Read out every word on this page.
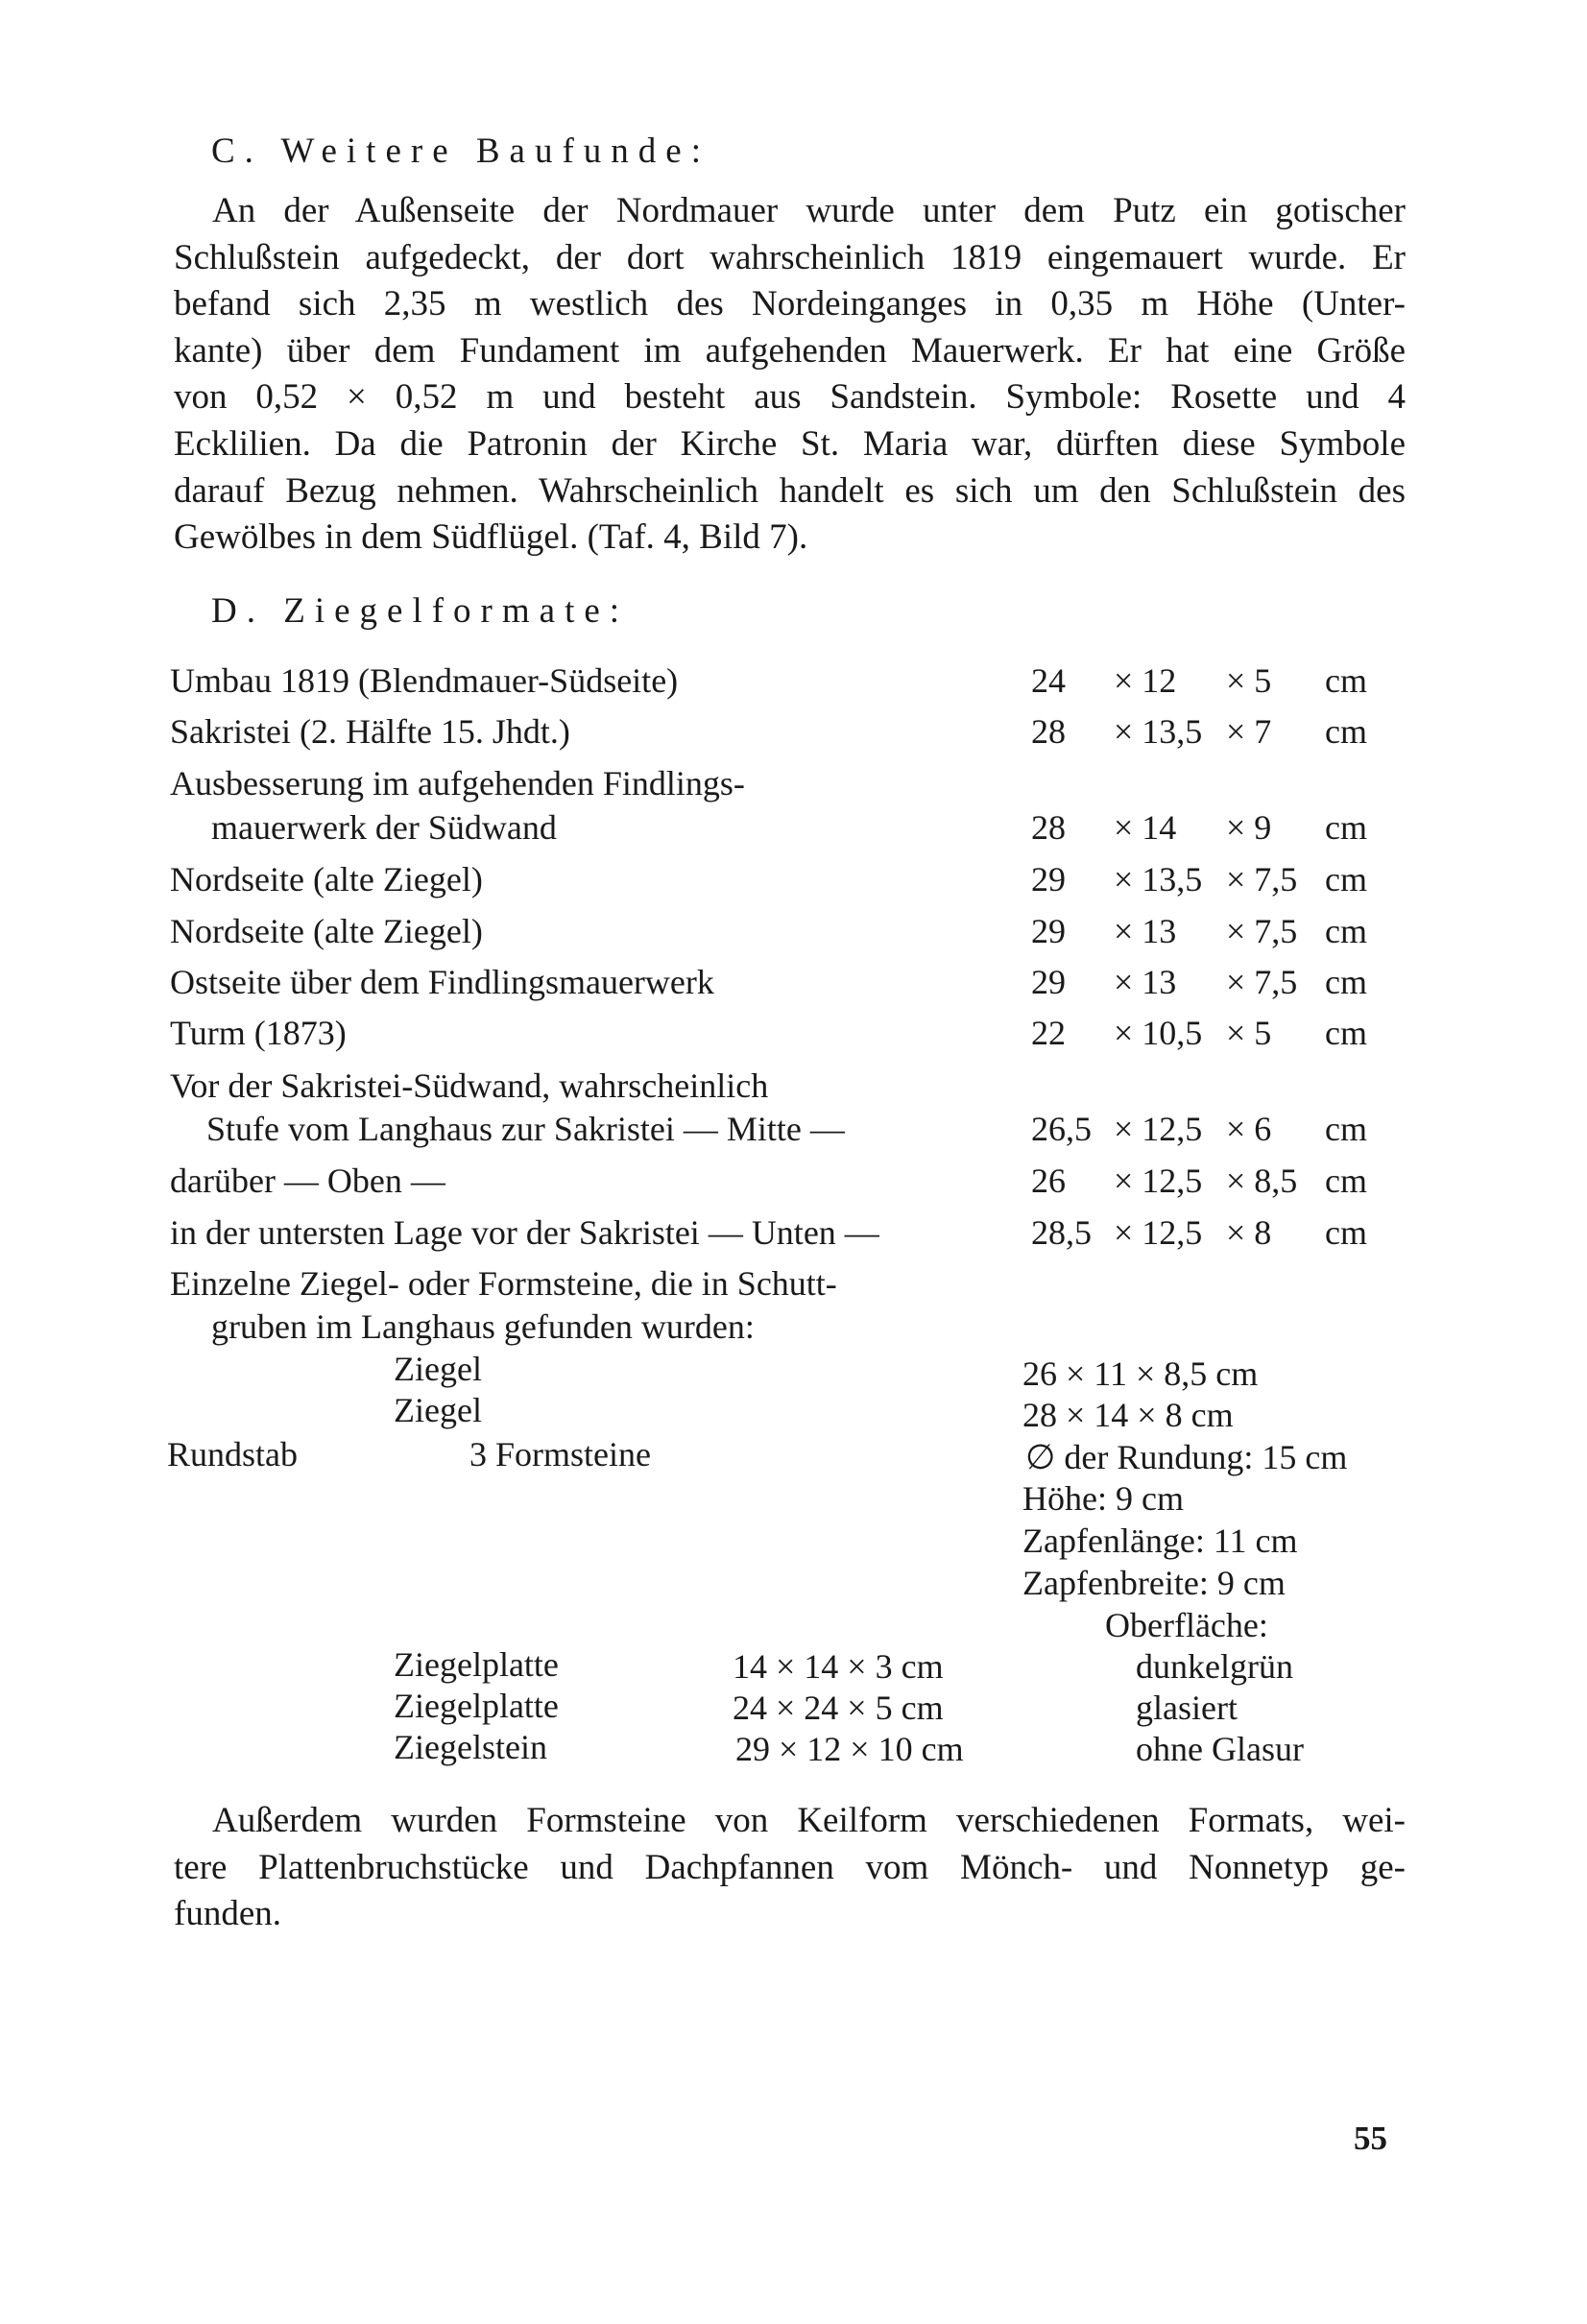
C. Weitere Baufunde:
An der Außenseite der Nordmauer wurde unter dem Putz ein gotischer
Schlußstein aufgedeckt, der dort wahrscheinlich 1819 eingemauert wurde. Er
befand sich 2,35 m westlich des Nordeinganges in 0,35 m Höhe (Unter-
kante) über dem Fundament im aufgehenden Mauerwerk. Er hat eine Größe
von 0,52 × 0,52 m und besteht aus Sandstein. Symbole: Rosette und 4
Ecklilien. Da die Patronin der Kirche St. Maria war, dürften diese Symbole
darauf Bezug nehmen. Wahrscheinlich handelt es sich um den Schlußstein des
Gewölbes in dem Südflügel. (Taf. 4, Bild 7).
D. Ziegelformate:
Umbau 1819 (Blendmauer-Südseite)	24 × 12 × 5 cm
Sakristei (2. Hälfte 15. Jhdt.)	28 × 13,5 × 7 cm
Ausbesserung im aufgehenden Findlings-
mauerwerk der Südwand	28 × 14 × 9 cm
Nordseite (alte Ziegel)	29 × 13,5 × 7,5 cm
Nordseite (alte Ziegel)	29 × 13 × 7,5 cm
Ostseite über dem Findlingsmauerwerk	29 × 13 × 7,5 cm
Turm (1873)	22 × 10,5 × 5 cm
Vor der Sakristei-Südwand, wahrscheinlich
Stufe vom Langhaus zur Sakristei — Mitte —	26,5 × 12,5 × 6 cm
darüber — Oben —	26 × 12,5 × 8,5 cm
in der untersten Lage vor der Sakristei — Unten —	28,5 × 12,5 × 8 cm
Einzelne Ziegel- oder Formsteine, die in Schutt-
gruben im Langhaus gefunden wurden:
Ziegel	26 × 11 × 8,5 cm
Ziegel	28 × 14 × 8 cm
Rundstab	3 Formsteine	∅ der Rundung: 15 cm
Höhe: 9 cm
Zapfenlänge: 11 cm
Zapfenbreite: 9 cm
Oberfläche:
Ziegelplatte	14 × 14 × 3 cm	dunkelgrün
Ziegelplatte	24 × 24 × 5 cm	glasiert
Ziegelstein	29 × 12 × 10 cm	ohne Glasur
Außerdem wurden Formsteine von Keilform verschiedenen Formats, wei-
tere Plattenbruchstücke und Dachpfannen vom Mönch- und Nonnetyp ge-
funden.
55
